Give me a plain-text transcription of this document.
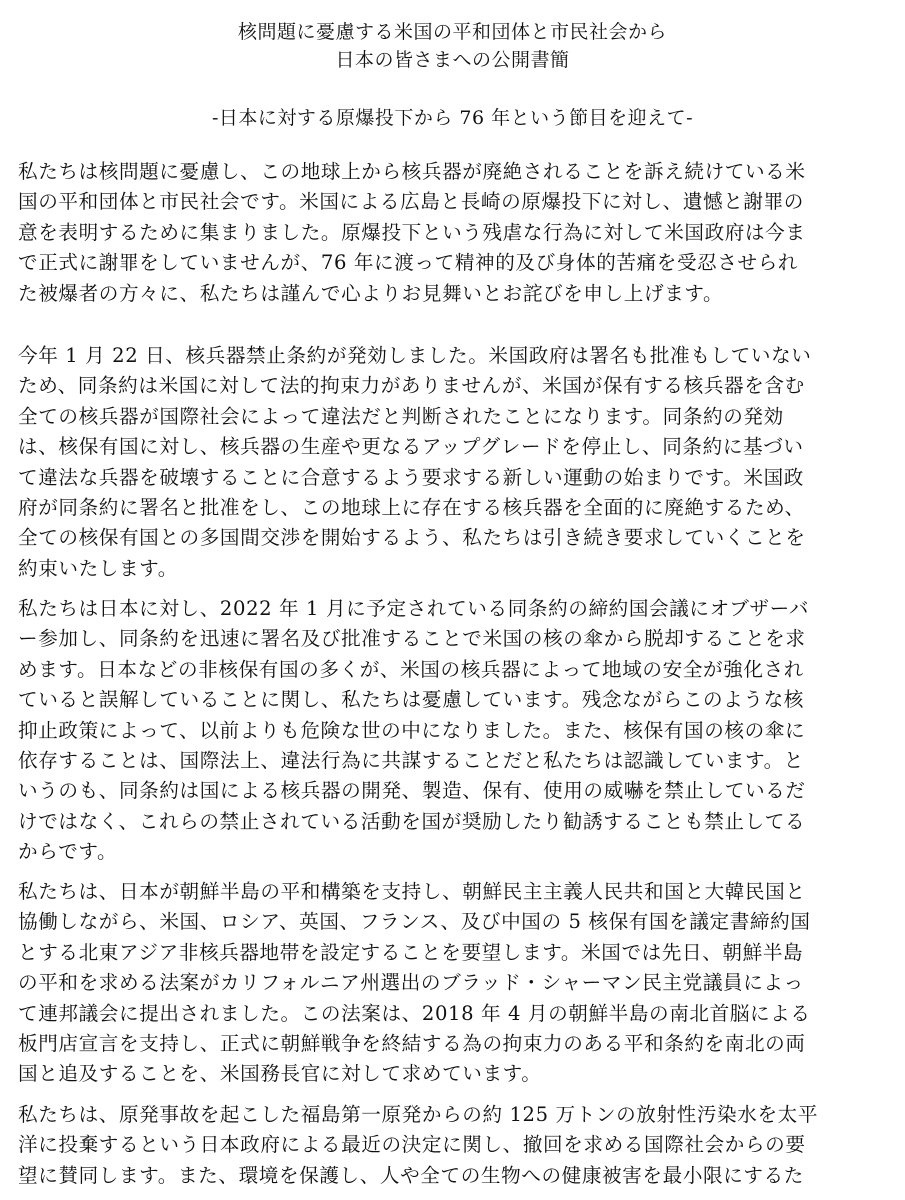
核問題に憂慮する米国の平和団体と市民社会から
日本の皆さまへの公開書簡
-日本に対する原爆投下から 76 年という節目を迎えて-
私たちは核問題に憂慮し、この地球上から核兵器が廃絶されることを訴え続けている米
国の平和団体と市民社会です。米国による広島と長崎の原爆投下に対し、遺憾と謝罪の
意を表明するために集まりました。原爆投下という残虐な行為に対して米国政府は今ま
で正式に謝罪をしていませんが、76 年に渡って精神的及び身体的苦痛を受忍させられ
た被爆者の方々に、私たちは謹んで心よりお見舞いとお詫びを申し上げます。
今年 1 月 22 日、核兵器禁止条約が発効しました。米国政府は署名も批准もしていない
ため、同条約は米国に対して法的拘束力がありませんが、米国が保有する核兵器を含む
全ての核兵器が国際社会によって違法だと判断されたことになります。同条約の発効
は、核保有国に対し、核兵器の生産や更なるアップグレードを停止し、同条約に基づい
て違法な兵器を破壊することに合意するよう要求する新しい運動の始まりです。米国政
府が同条約に署名と批准をし、この地球上に存在する核兵器を全面的に廃絶するため、
全ての核保有国との多国間交渉を開始するよう、私たちは引き続き要求していくことを
約束いたします。
私たちは日本に対し、2022 年 1 月に予定されている同条約の締約国会議にオブザーバ
ー参加し、同条約を迅速に署名及び批准することで米国の核の傘から脱却することを求
めます。日本などの非核保有国の多くが、米国の核兵器によって地域の安全が強化され
ていると誤解していることに関し、私たちは憂慮しています。残念ながらこのような核
抑止政策によって、以前よりも危険な世の中になりました。また、核保有国の核の傘に
依存することは、国際法上、違法行為に共謀することだと私たちは認識しています。と
いうのも、同条約は国による核兵器の開発、製造、保有、使用の威嚇を禁止しているだ
けではなく、これらの禁止されている活動を国が奨励したり勧誘することも禁止してる
からです。
私たちは、日本が朝鮮半島の平和構築を支持し、朝鮮民主主義人民共和国と大韓民国と
協働しながら、米国、ロシア、英国、フランス、及び中国の 5 核保有国を議定書締約国
とする北東アジア非核兵器地帯を設定することを要望します。米国では先日、朝鮮半島
の平和を求める法案がカリフォルニア州選出のブラッド・シャーマン民主党議員によっ
て連邦議会に提出されました。この法案は、2018 年 4 月の朝鮮半島の南北首脳による
板門店宣言を支持し、正式に朝鮮戦争を終結する為の拘束力のある平和条約を南北の両
国と追及することを、米国務長官に対して求めています。
私たちは、原発事故を起こした福島第一原発からの約 125 万トンの放射性汚染水を太平
洋に投棄するという日本政府による最近の決定に関し、撤回を求める国際社会からの要
望に賛同します。また、環境を保護し、人や全ての生物への健康被害を最小限にするた
